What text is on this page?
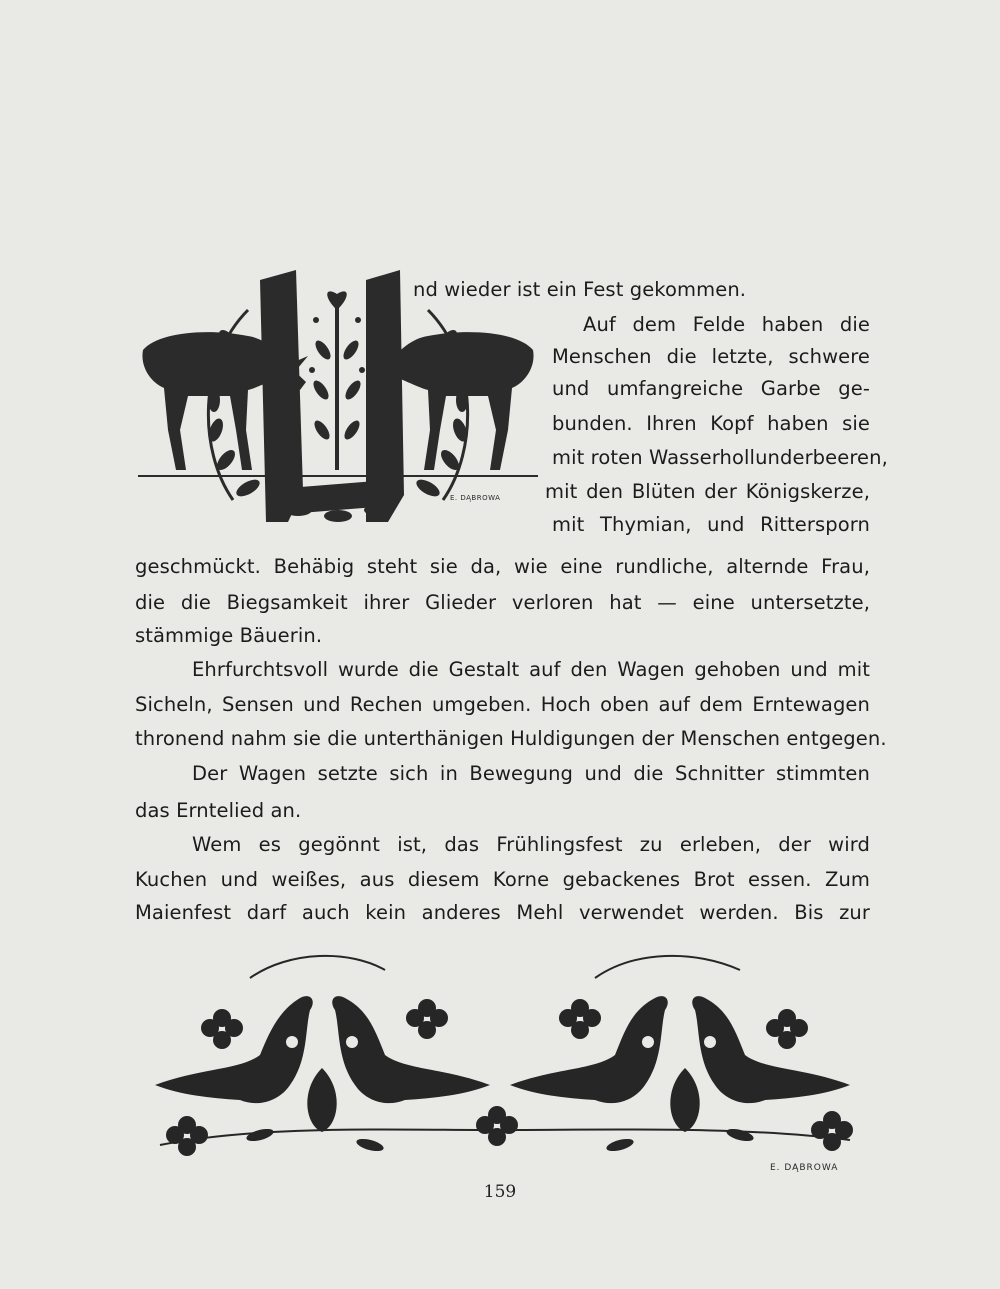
E. DĄBROWA
nd wieder ist ein Fest gekommen.
Auf dem Felde haben die
Menschen die letzte, schwere
und umfangreiche Garbe ge-
bunden. Ihren Kopf haben sie
mit roten Wasserhollunderbeeren,
mit den Blüten der Königskerze,
mit Thymian, und Rittersporn
geschmückt. Behäbig steht sie da, wie eine rundliche, alternde Frau,
die die Biegsamkeit ihrer Glieder verloren hat — eine untersetzte,
stämmige Bäuerin.
Ehrfurchtsvoll wurde die Gestalt auf den Wagen gehoben und mit
Sicheln, Sensen und Rechen umgeben. Hoch oben auf dem Erntewagen
thronend nahm sie die unterthänigen Huldigungen der Menschen entgegen.
Der Wagen setzte sich in Bewegung und die Schnitter stimmten
das Erntelied an.
Wem es gegönnt ist, das Frühlingsfest zu erleben, der wird
Kuchen und weißes, aus diesem Korne gebackenes Brot essen. Zum
Maienfest darf auch kein anderes Mehl verwendet werden. Bis zur
E. DĄBROWA
159
